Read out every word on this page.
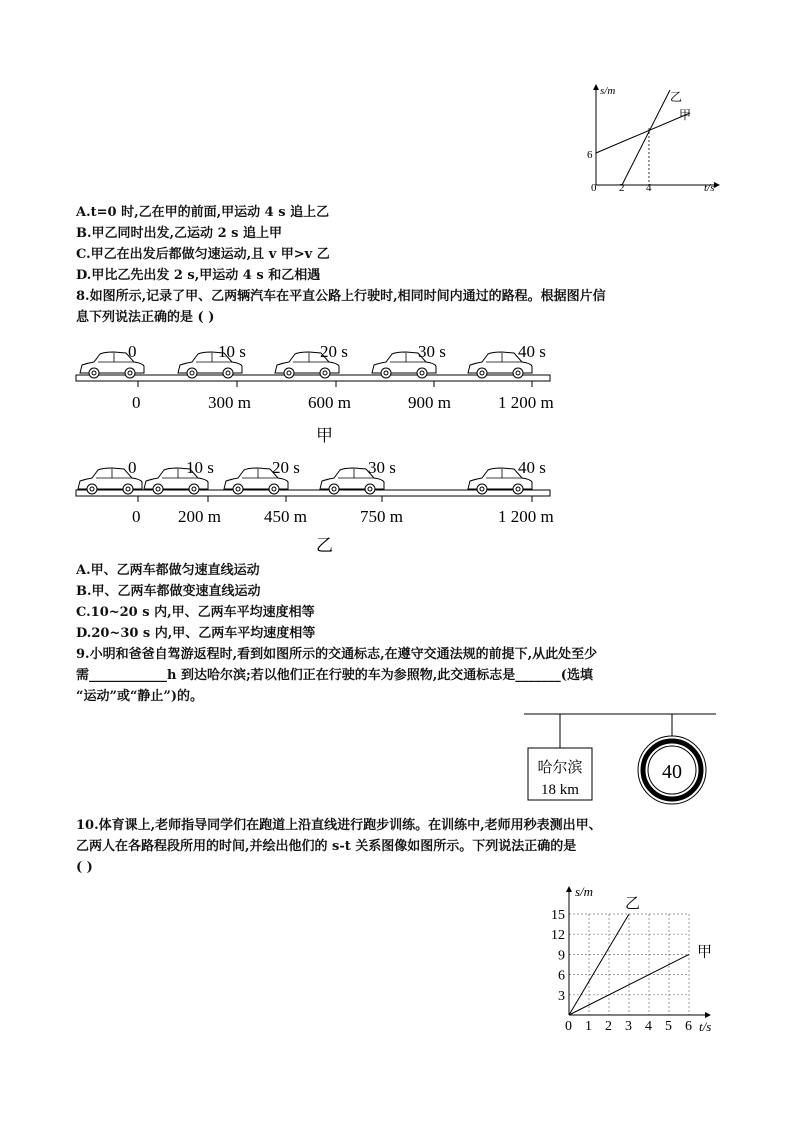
s/m
t/s
乙
甲
6
0 2 4
A.t=0 时,乙在甲的前面,甲运动 4 s 追上乙
B.甲乙同时出发,乙运动 2 s 追上甲
C.甲乙在出发后都做匀速运动,且 v 甲>v 乙
D.甲比乙先出发 2 s,甲运动 4 s 和乙相遇
8.如图所示,记录了甲、乙两辆汽车在平直公路上行驶时,相同时间内通过的路程。根据图片信
息下列说法正确的是 ( )
0	10 s	20 s	30 s	40 s
0	300 m	600 m	900 m	1 200 m
甲
0	10 s	20 s	30 s	40 s
0 200 m	450 m	750 m	1 200 m
乙
A.甲、乙两车都做匀速直线运动
B.甲、乙两车都做变速直线运动
C.10~20 s 内,甲、乙两车平均速度相等
D.20~30 s 内,甲、乙两车平均速度相等
9.小明和爸爸自驾游返程时,看到如图所示的交通标志,在遵守交通法规的前提下,从此处至少
需____________h 到达哈尔滨;若以他们正在行驶的车为参照物,此交通标志是_______(选填
“运动”或“静止”)的。
哈尔滨
18 km
40
10.体育课上,老师指导同学们在跑道上沿直线进行跑步训练。在训练中,老师用秒表测出甲、
乙两人在各路程段所用的时间,并绘出他们的 s-t 关系图像如图所示。下列说法正确的是
( )
s/m
t/s
0 1 2 3 4 5 6
3
6
9
12
15
乙
甲
